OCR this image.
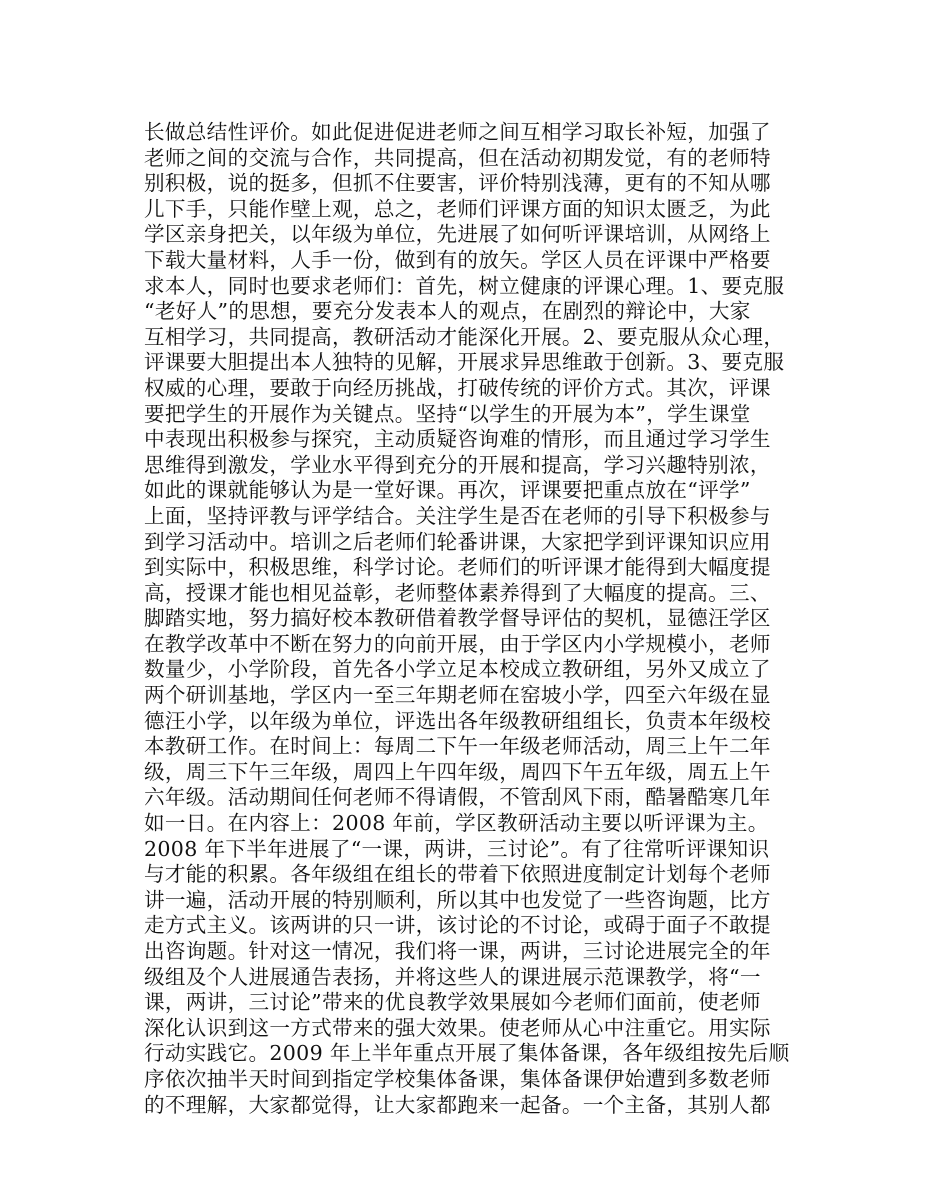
长做总结性评价。如此促进促进老师之间互相学习取长补短，加强了
老师之间的交流与合作，共同提高，但在活动初期发觉，有的老师特
别积极，说的挺多，但抓不住要害，评价特别浅薄，更有的不知从哪
儿下手，只能作壁上观，总之，老师们评课方面的知识太匮乏，为此
学区亲身把关，以年级为单位，先进展了如何听评课培训，从网络上
下载大量材料，人手一份，做到有的放矢。学区人员在评课中严格要
求本人，同时也要求老师们：首先，树立健康的评课心理。1、要克服
“老好人”的思想，要充分发表本人的观点，在剧烈的辩论中，大家
互相学习，共同提高，教研活动才能深化开展。2、要克服从众心理，
评课要大胆提出本人独特的见解，开展求异思维敢于创新。3、要克服
权威的心理，要敢于向经历挑战，打破传统的评价方式。其次，评课
要把学生的开展作为关键点。坚持“以学生的开展为本”，学生课堂
中表现出积极参与探究，主动质疑咨询难的情形，而且通过学习学生
思维得到激发，学业水平得到充分的开展和提高，学习兴趣特别浓，
如此的课就能够认为是一堂好课。再次，评课要把重点放在“评学”
上面，坚持评教与评学结合。关注学生是否在老师的引导下积极参与
到学习活动中。培训之后老师们轮番讲课，大家把学到评课知识应用
到实际中，积极思维，科学讨论。老师们的听评课才能得到大幅度提
高，授课才能也相见益彰，老师整体素养得到了大幅度的提高。三、
脚踏实地，努力搞好校本教研借着教学督导评估的契机，显德汪学区
在教学改革中不断在努力的向前开展，由于学区内小学规模小，老师
数量少，小学阶段，首先各小学立足本校成立教研组，另外又成立了
两个研训基地，学区内一至三年期老师在窑坡小学，四至六年级在显
德汪小学，以年级为单位，评选出各年级教研组组长，负责本年级校
本教研工作。在时间上：每周二下午一年级老师活动，周三上午二年
级，周三下午三年级，周四上午四年级，周四下午五年级，周五上午
六年级。活动期间任何老师不得请假，不管刮风下雨，酷暑酷寒几年
如一日。在内容上：2008 年前，学区教研活动主要以听评课为主。
2008 年下半年进展了“一课，两讲，三讨论”。有了往常听评课知识
与才能的积累。各年级组在组长的带着下依照进度制定计划每个老师
讲一遍，活动开展的特别顺利，所以其中也发觉了一些咨询题，比方
走方式主义。该两讲的只一讲，该讨论的不讨论，或碍于面子不敢提
出咨询题。针对这一情况，我们将一课，两讲，三讨论进展完全的年
级组及个人进展通告表扬，并将这些人的课进展示范课教学，将“一
课，两讲，三讨论”带来的优良教学效果展如今老师们面前，使老师
深化认识到这一方式带来的强大效果。使老师从心中注重它。用实际
行动实践它。2009 年上半年重点开展了集体备课，各年级组按先后顺
序依次抽半天时间到指定学校集体备课，集体备课伊始遭到多数老师
的不理解，大家都觉得，让大家都跑来一起备。一个主备，其别人都
